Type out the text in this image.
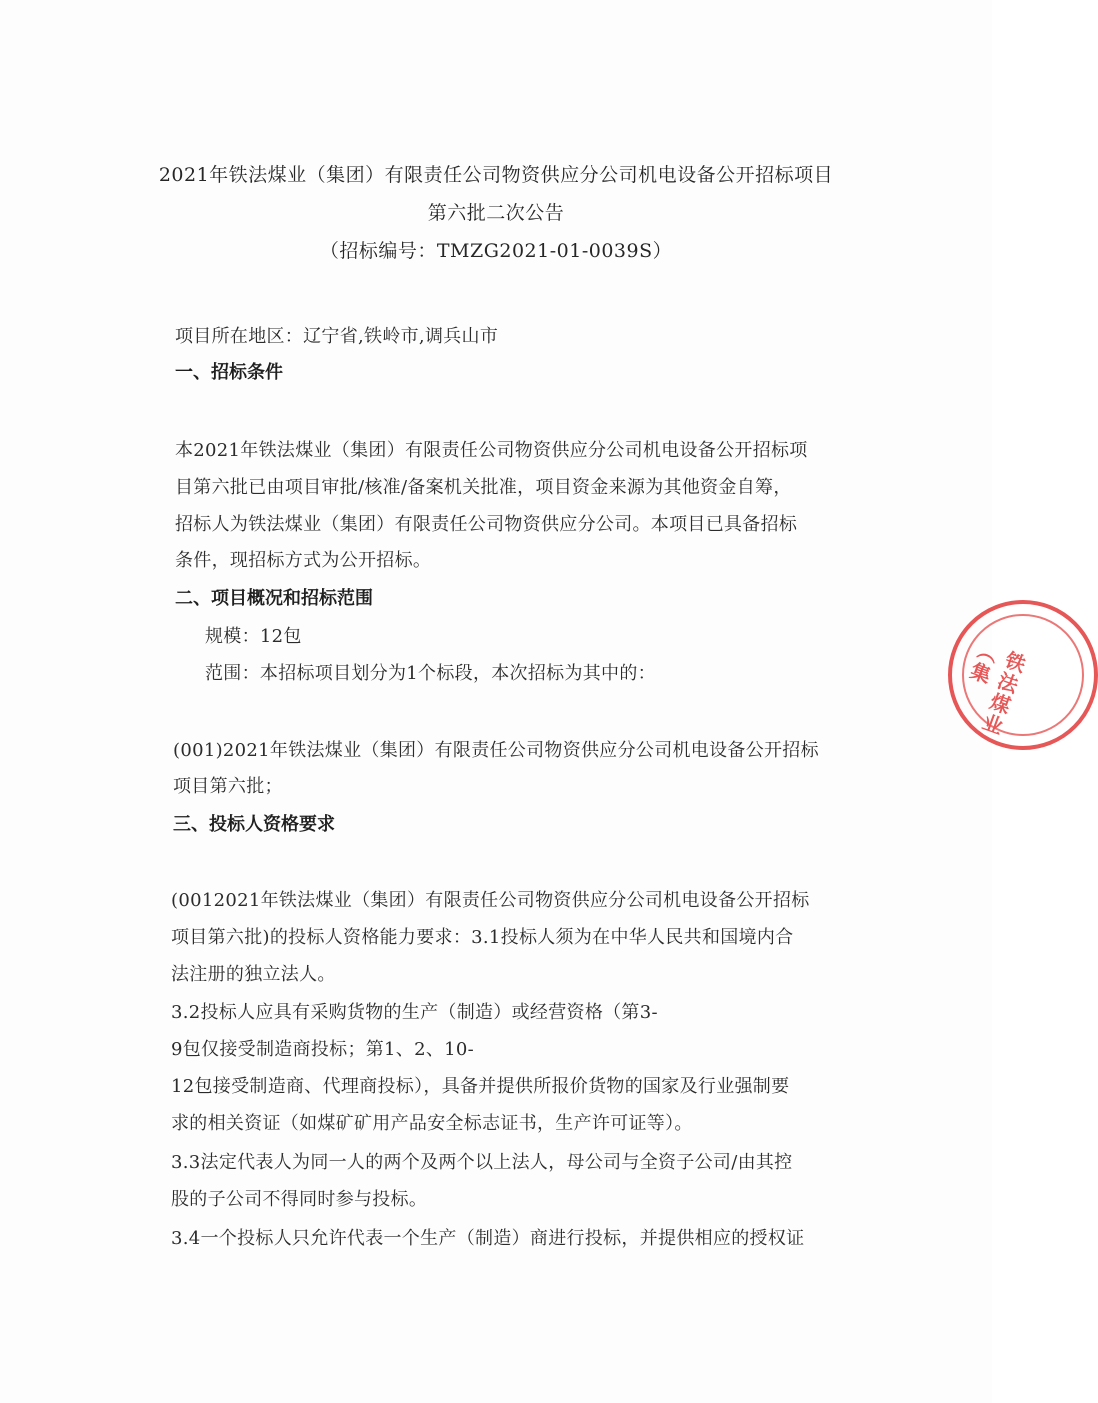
2021年铁法煤业（集团）有限责任公司物资供应分公司机电设备公开招标项目
第六批二次公告
（招标编号：TMZG2021-01-0039S）
项目所在地区：辽宁省,铁岭市,调兵山市
一、招标条件
本2021年铁法煤业（集团）有限责任公司物资供应分公司机电设备公开招标项
目第六批已由项目审批/核准/备案机关批准，项目资金来源为其他资金自筹，
招标人为铁法煤业（集团）有限责任公司物资供应分公司。本项目已具备招标
条件，现招标方式为公开招标。
二、项目概况和招标范围
规模：12包
范围：本招标项目划分为1个标段，本次招标为其中的：
(001)2021年铁法煤业（集团）有限责任公司物资供应分公司机电设备公开招标
项目第六批；
三、投标人资格要求
(0012021年铁法煤业（集团）有限责任公司物资供应分公司机电设备公开招标
项目第六批)的投标人资格能力要求：3.1投标人须为在中华人民共和国境内合
法注册的独立法人。
3.2投标人应具有采购货物的生产（制造）或经营资格（第3-
9包仅接受制造商投标；第1、2、10-
12包接受制造商、代理商投标），具备并提供所报价货物的国家及行业强制要
求的相关资证（如煤矿矿用产品安全标志证书，生产许可证等）。
3.3法定代表人为同一人的两个及两个以上法人，母公司与全资子公司/由其控
股的子公司不得同时参与投标。
3.4一个投标人只允许代表一个生产（制造）商进行投标，并提供相应的授权证
铁法煤业（集
